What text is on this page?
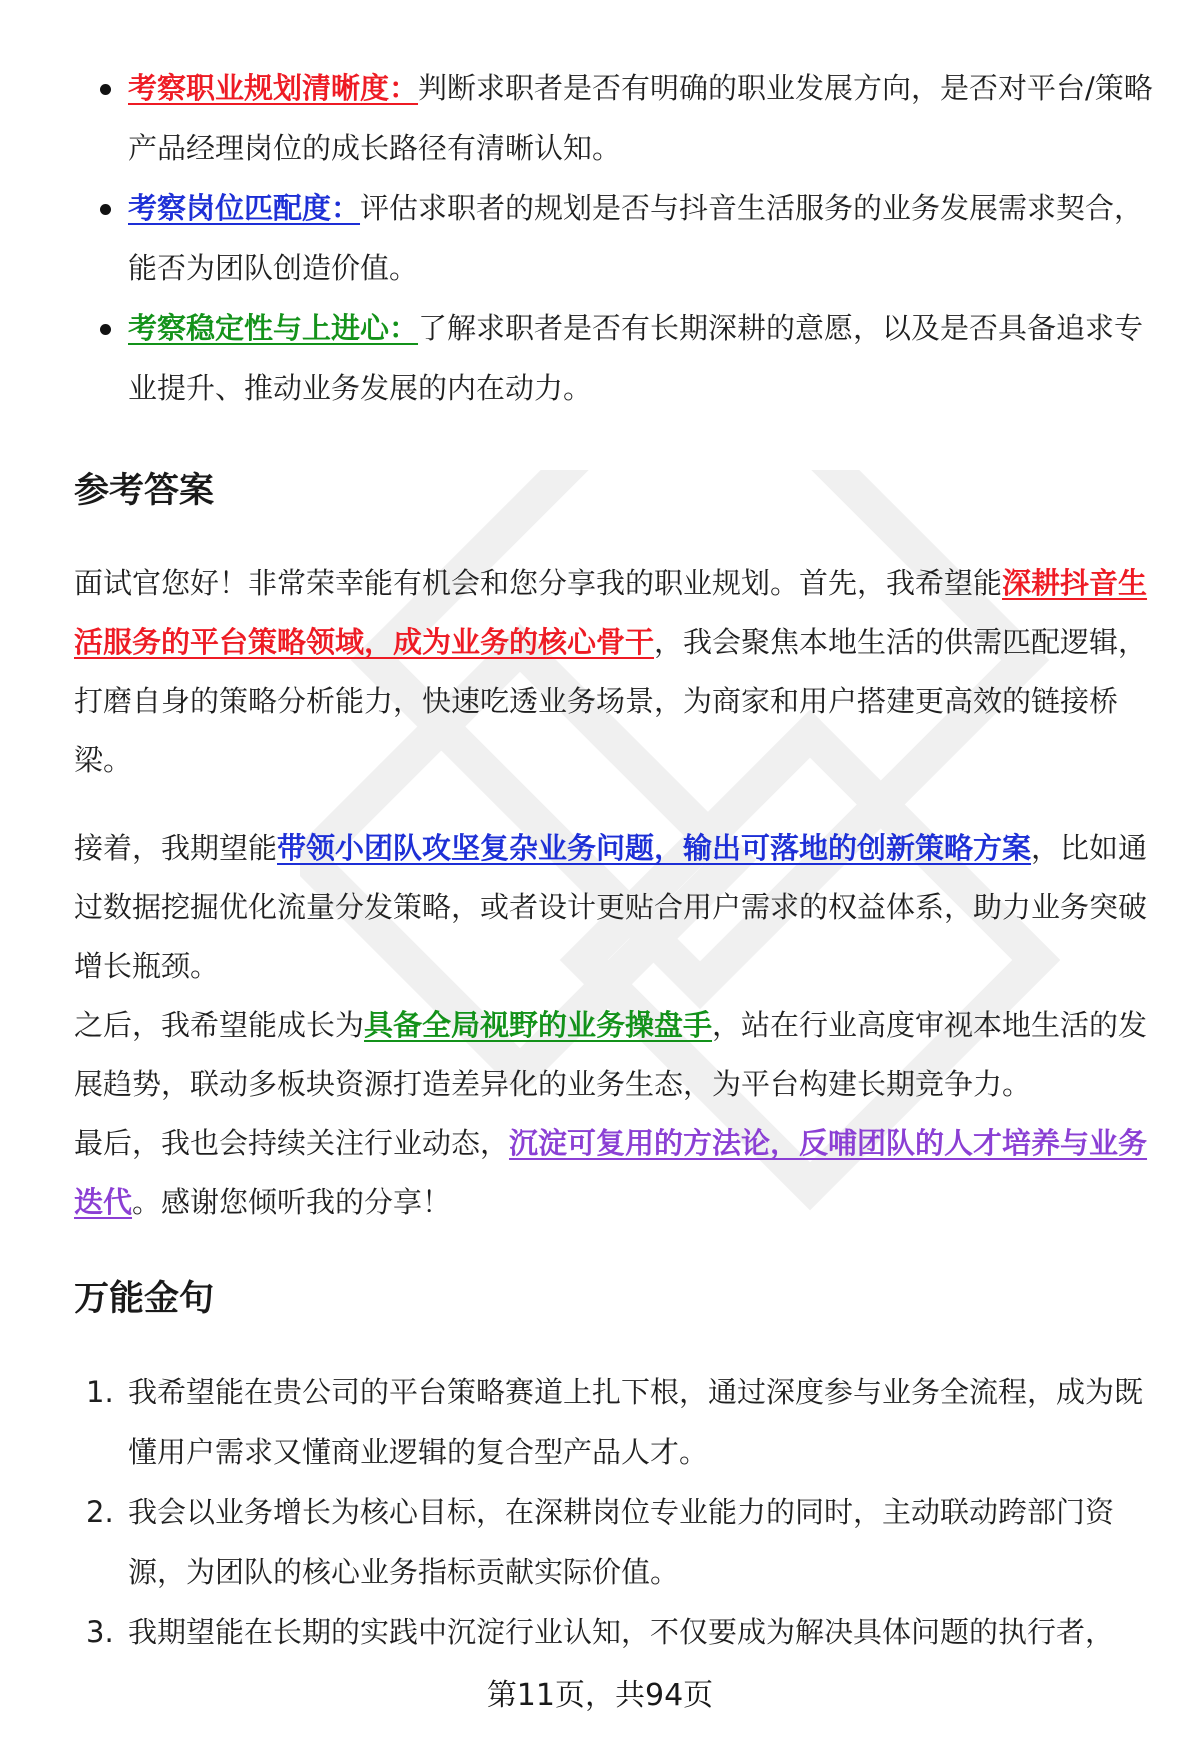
考察职业规划清晰度：判断求职者是否有明确的职业发展方向，是否对平台/策略产品经理岗位的成长路径有清晰认知。
考察岗位匹配度：评估求职者的规划是否与抖音生活服务的业务发展需求契合，能否为团队创造价值。
考察稳定性与上进心：了解求职者是否有长期深耕的意愿，以及是否具备追求专业提升、推动业务发展的内在动力。
参考答案

面试官您好！非常荣幸能有机会和您分享我的职业规划。首先，我希望能深耕抖音生活服务的平台策略领域，成为业务的核心骨干，我会聚焦本地生活的供需匹配逻辑，打磨自身的策略分析能力，快速吃透业务场景，为商家和用户搭建更高效的链接桥梁。

接着，我期望能带领小团队攻坚复杂业务问题，输出可落地的创新策略方案，比如通过数据挖掘优化流量分发策略，或者设计更贴合用户需求的权益体系，助力业务突破增长瓶颈。

之后，我希望能成长为具备全局视野的业务操盘手，站在行业高度审视本地生活的发展趋势，联动多板块资源打造差异化的业务生态，为平台构建长期竞争力。

最后，我也会持续关注行业动态，沉淀可复用的方法论，反哺团队的人才培养与业务迭代。感谢您倾听我的分享！

万能金句
1. 我希望能在贵公司的平台策略赛道上扎下根，通过深度参与业务全流程，成为既懂用户需求又懂商业逻辑的复合型产品人才。
2. 我会以业务增长为核心目标，在深耕岗位专业能力的同时，主动联动跨部门资源，为团队的核心业务指标贡献实际价值。
3. 我期望能在长期的实践中沉淀行业认知，不仅要成为解决具体问题的执行者，
第11页，共94页
